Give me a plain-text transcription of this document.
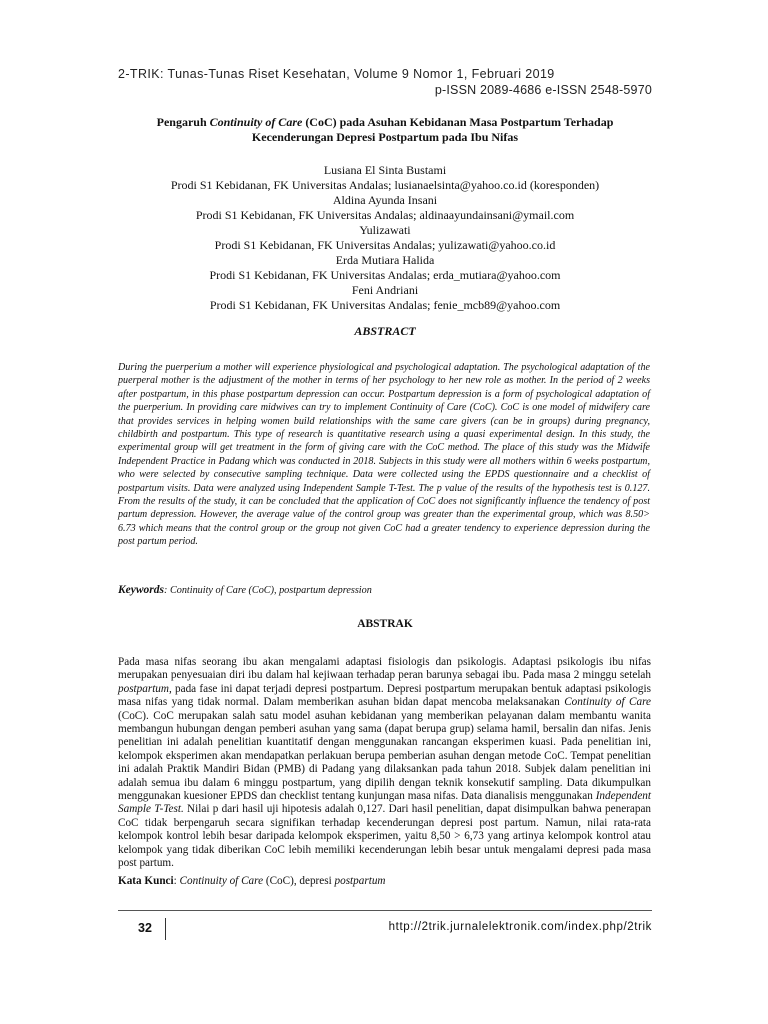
2-TRIK: Tunas-Tunas Riset Kesehatan, Volume 9 Nomor 1, Februari 2019
p-ISSN 2089-4686 e-ISSN 2548-5970
Pengaruh Continuity of Care (CoC) pada Asuhan Kebidanan Masa Postpartum Terhadap
Kecenderungan Depresi Postpartum pada Ibu Nifas
Lusiana El Sinta Bustami
Prodi S1 Kebidanan, FK Universitas Andalas; lusianaelsinta@yahoo.co.id (koresponden)
Aldina Ayunda Insani
Prodi S1 Kebidanan, FK Universitas Andalas; aldinaayundainsani@ymail.com
Yulizawati
Prodi S1 Kebidanan, FK Universitas Andalas; yulizawati@yahoo.co.id
Erda Mutiara Halida
Prodi S1 Kebidanan, FK Universitas Andalas; erda_mutiara@yahoo.com
Feni Andriani
Prodi S1 Kebidanan, FK Universitas Andalas; fenie_mcb89@yahoo.com
ABSTRACT
During the puerperium a mother will experience physiological and psychological adaptation. The psychological adaptation of the puerperal mother is the adjustment of the mother in terms of her psychology to her new role as mother. In the period of 2 weeks after postpartum, in this phase postpartum depression can occur. Postpartum depression is a form of psychological adaptation of the puerperium. In providing care midwives can try to implement Continuity of Care (CoC). CoC is one model of midwifery care that provides services in helping women build relationships with the same care givers (can be in groups) during pregnancy, childbirth and postpartum. This type of research is quantitative research using a quasi experimental design. In this study, the experimental group will get treatment in the form of giving care with the CoC method. The place of this study was the Midwife Independent Practice in Padang which was conducted in 2018. Subjects in this study were all mothers within 6 weeks postpartum, who were selected by consecutive sampling technique. Data were collected using the EPDS questionnaire and a checklist of postpartum visits. Data were analyzed using Independent Sample T-Test. The p value of the results of the hypothesis test is 0.127. From the results of the study, it can be concluded that the application of CoC does not significantly influence the tendency of post partum depression. However, the average value of the control group was greater than the experimental group, which was 8.50> 6.73 which means that the control group or the group not given CoC had a greater tendency to experience depression during the post partum period.
Keywords: Continuity of Care (CoC), postpartum depression
ABSTRAK
Pada masa nifas seorang ibu akan mengalami adaptasi fisiologis dan psikologis. Adaptasi psikologis ibu nifas merupakan penyesuaian diri ibu dalam hal kejiwaan terhadap peran barunya sebagai ibu. Pada masa 2 minggu setelah postpartum, pada fase ini dapat terjadi depresi postpartum. Depresi postpartum merupakan bentuk adaptasi psikologis masa nifas yang tidak normal. Dalam memberikan asuhan bidan dapat mencoba melaksanakan Continuity of Care (CoC). CoC merupakan salah satu model asuhan kebidanan yang memberikan pelayanan dalam membantu wanita membangun hubungan dengan pemberi asuhan yang sama (dapat berupa grup) selama hamil, bersalin dan nifas. Jenis penelitian ini adalah penelitian kuantitatif dengan menggunakan rancangan eksperimen kuasi. Pada penelitian ini, kelompok eksperimen akan mendapatkan perlakuan berupa pemberian asuhan dengan metode CoC. Tempat penelitian ini adalah Praktik Mandiri Bidan (PMB) di Padang yang dilaksankan pada tahun 2018. Subjek dalam penelitian ini adalah semua ibu dalam 6 minggu postpartum, yang dipilih dengan teknik konsekutif sampling. Data dikumpulkan menggunakan kuesioner EPDS dan checklist tentang kunjungan masa nifas. Data dianalisis menggunakan Independent Sample T-Test. Nilai p dari hasil uji hipotesis adalah 0,127. Dari hasil penelitian, dapat disimpulkan bahwa penerapan CoC tidak berpengaruh secara signifikan terhadap kecenderungan depresi post partum. Namun, nilai rata-rata kelompok kontrol lebih besar daripada kelompok eksperimen, yaitu 8,50 > 6,73 yang artinya kelompok kontrol atau kelompok yang tidak diberikan CoC lebih memiliki kecenderungan lebih besar untuk mengalami depresi pada masa post partum.
Kata Kunci: Continuity of Care (CoC), depresi postpartum
32	http://2trik.jurnalelektronik.com/index.php/2trik
